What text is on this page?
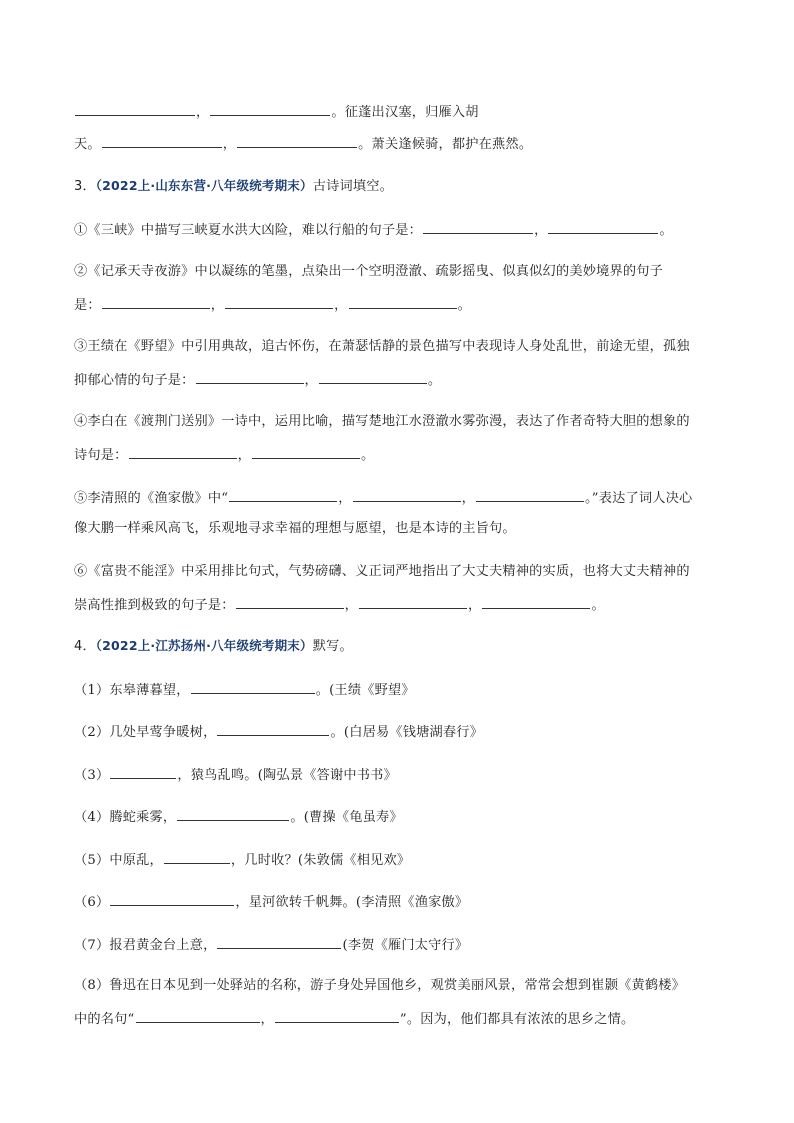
，	。征蓬出汉塞，归雁入胡
天。	，	。萧关逢候骑，都护在燕然。
3．（2022上·山东东营·八年级统考期末）古诗词填空。
①《三峡》中描写三峡夏水洪大凶险，难以行船的句子是：	，	。
②《记承天寺夜游》中以凝练的笔墨，点染出一个空明澄澈、疏影摇曳、似真似幻的美妙境界的句子
是：	，	，	。
③王绩在《野望》中引用典故，追古怀伤，在萧瑟恬静的景色描写中表现诗人身处乱世，前途无望，孤独
抑郁心情的句子是：	，	。
④李白在《渡荆门送别》一诗中，运用比喻，描写楚地江水澄澈水雾弥漫，表达了作者奇特大胆的想象的
诗句是：	，	。
⑤李清照的《渔家傲》中“	，	，	。”表达了词人决心
像大鹏一样乘风高飞，乐观地寻求幸福的理想与愿望，也是本诗的主旨句。
⑥《富贵不能淫》中采用排比句式，气势磅礴、义正词严地指出了大丈夫精神的实质，也将大丈夫精神的
崇高性推到极致的句子是：	，	，	。
4．（2022上·江苏扬州·八年级统考期末）默写。
（1）东皋薄暮望，	。(王绩《野望》
（2）几处早莺争暖树，	。(白居易《钱塘湖春行》
（3）	，猿鸟乱鸣。(陶弘景《答谢中书书》
（4）腾蛇乘雾，	。(曹操《龟虽寿》
（5）中原乱，	，几时收？(朱敦儒《相见欢》
（6）	，星河欲转千帆舞。(李清照《渔家傲》
（7）报君黄金台上意，	(李贺《雁门太守行》
（8）鲁迅在日本见到一处驿站的名称，游子身处异国他乡，观赏美丽风景，常常会想到崔颢《黄鹤楼》
中的名句“	，	”。因为，他们都具有浓浓的思乡之情。
